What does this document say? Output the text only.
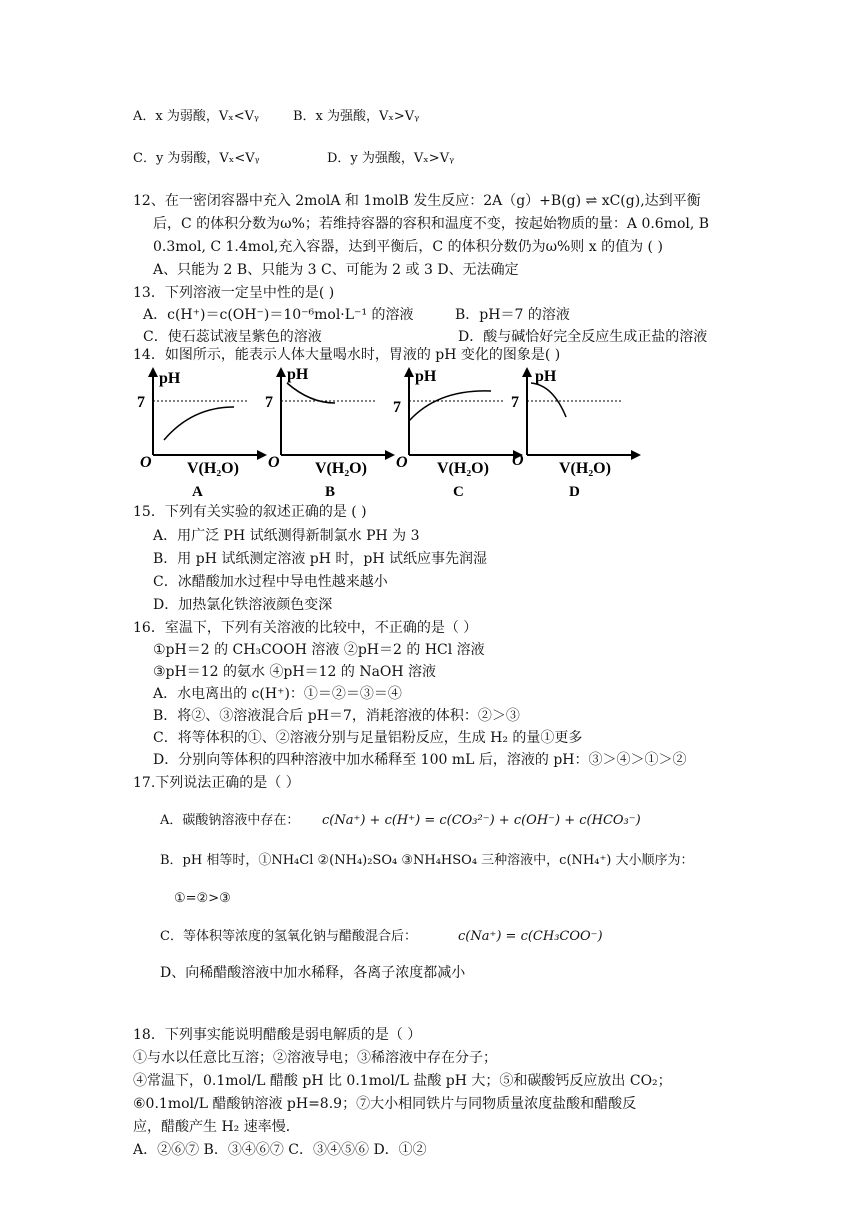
A．x 为弱酸，Vₓ<Vᵧ	B．x 为强酸，Vₓ>Vᵧ
C．y 为弱酸，Vₓ<Vᵧ	D．y 为强酸，Vₓ>Vᵧ
12、在一密闭容器中充入 2molA 和 1molB 发生反应：2A（g）+B(g) ⇌ xC(g),达到平衡
后，C 的体积分数为ω%；若维持容器的容积和温度不变，按起始物质的量：A 0.6mol, B
0.3mol, C 1.4mol,充入容器，达到平衡后，C 的体积分数仍为ω%则 x 的值为 ( )
A、只能为 2 B、只能为 3 C、可能为 2 或 3 D、无法确定
13．下列溶液一定呈中性的是( )
A．c(H⁺)＝c(OH⁻)＝10⁻⁶mol·L⁻¹ 的溶液	B．pH＝7 的溶液
C．使石蕊试液呈紫色的溶液	D．酸与碱恰好完全反应生成正盐的溶液
14．如图所示，能表示人体大量喝水时，胃液的 pH 变化的图象是( )
pH
7
O V(H₂O)
A
pH
7
O V(H₂O)
B
pH
7
O V(H₂O)
C
pH
7
O V(H₂O)
D
15．下列有关实验的叙述正确的是 ( )
A．用广泛 PH 试纸测得新制氯水 PH 为 3
B．用 pH 试纸测定溶液 pH 时，pH 试纸应事先润湿
C．冰醋酸加水过程中导电性越来越小
D．加热氯化铁溶液颜色变深
16．室温下，下列有关溶液的比较中，不正确的是（ ）
①pH＝2 的 CH₃COOH 溶液 ②pH＝2 的 HCl 溶液
③pH＝12 的氨水 ④pH＝12 的 NaOH 溶液
A．水电离出的 c(H⁺)：①＝②＝③＝④
B．将②、③溶液混合后 pH＝7，消耗溶液的体积：②＞③
C．将等体积的①、②溶液分别与足量铝粉反应，生成 H₂ 的量①更多
D．分别向等体积的四种溶液中加水稀释至 100 mL 后，溶液的 pH：③＞④＞①＞②
17.下列说法正确的是（ ）
A．碳酸钠溶液中存在： c(Na⁺) + c(H⁺) = c(CO₃²⁻) + c(OH⁻) + c(HCO₃⁻)
B．pH 相等时，①NH₄Cl ②(NH₄)₂SO₄ ③NH₄HSO₄ 三种溶液中，c(NH₄⁺) 大小顺序为：
①=②>③
C．等体积等浓度的氢氧化钠与醋酸混合后：	c(Na⁺) = c(CH₃COO⁻)
D、向稀醋酸溶液中加水稀释，各离子浓度都减小
18．下列事实能说明醋酸是弱电解质的是（ ）
①与水以任意比互溶；②溶液导电；③稀溶液中存在分子；
④常温下，0.1mol/L 醋酸 pH 比 0.1mol/L 盐酸 pH 大；⑤和碳酸钙反应放出 CO₂；
⑥0.1mol/L 醋酸钠溶液 pH=8.9；⑦大小相同铁片与同物质量浓度盐酸和醋酸反
应，醋酸产生 H₂ 速率慢．
A．②⑥⑦ B．③④⑥⑦ C．③④⑤⑥ D．①②
